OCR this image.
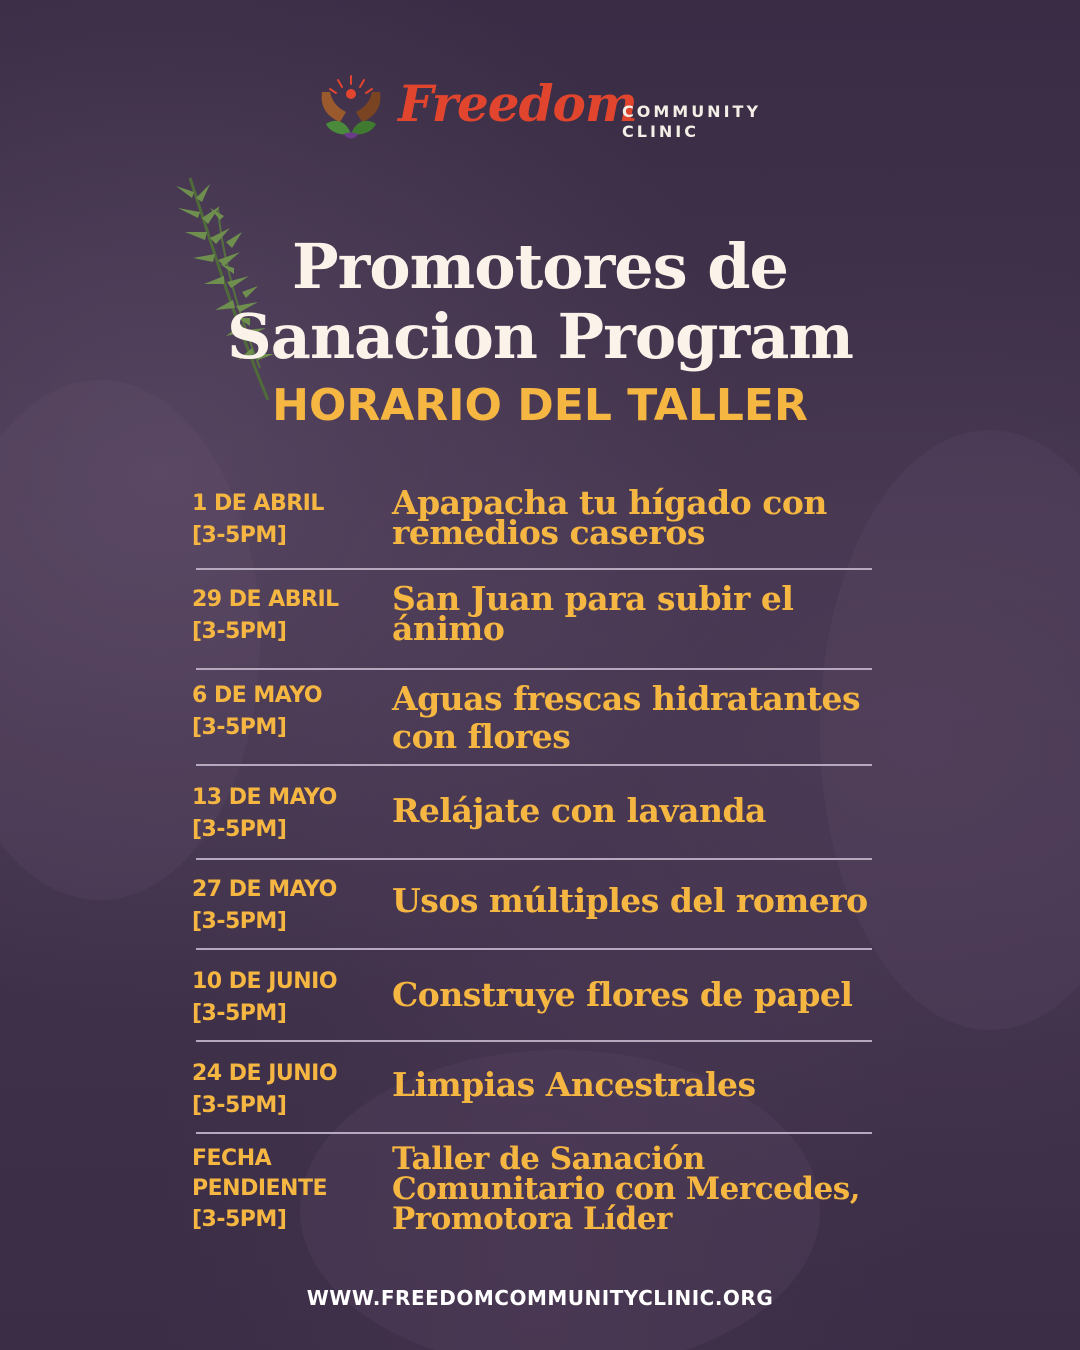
Freedom
COMMUNITY
CLINIC
Promotores de
Sanacion Program
HORARIO DEL TALLER
1 DE ABRIL
[3-5PM]
Apapacha tu hígado con remedios caseros
29 DE ABRIL
[3-5PM]
San Juan para subir el ánimo
6 DE MAYO
[3-5PM]
Aguas frescas hidratantes con flores
13 DE MAYO
[3-5PM]	Relájate con lavanda
27 DE MAYO
[3-5PM]
Usos múltiples del romero
10 DE JUNIO
[3-5PM]	Construye flores de papel
24 DE JUNIO
[3-5PM]
Limpias Ancestrales
FECHA PENDIENTE
[3-5PM]
Taller de Sanación Comunitario con Mercedes, Promotora Líder
WWW.FREEDOMCOMMUNITYCLINIC.ORG
